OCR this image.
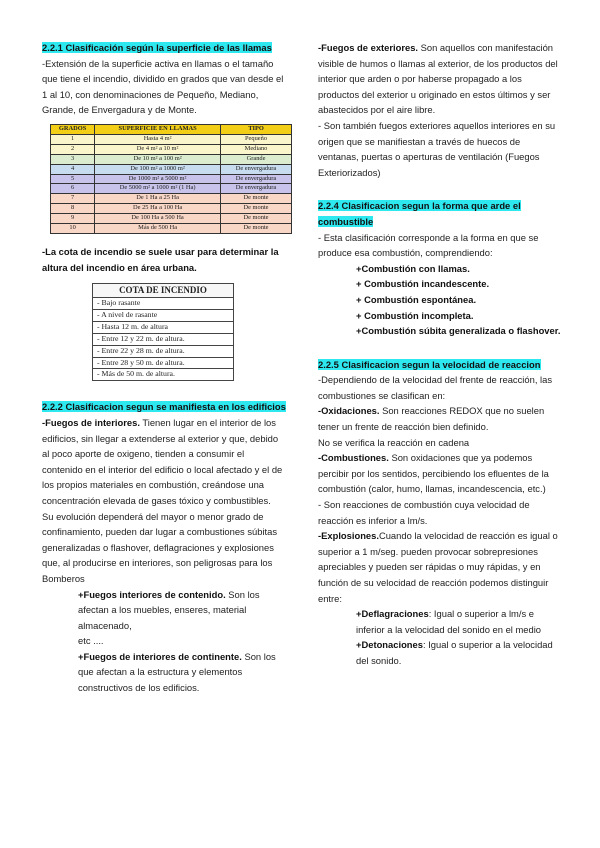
2.2.1 Clasificación según la superficie de las llamas

-Extensión de la superficie activa en llamas o el tamaño que tiene el incendio, dividido en grados que van desde el 1 al 10, con denominaciones de Pequeño, Mediano, Grande, de Envergadura y de Monte.

GRADOS	SUPERFICIE EN LLAMAS	TIPO
1	Hasta 4 m²	Pequeño
2	De 4 m² a 10 m²	Mediano
3	De 10 m² a 100 m²	Grande
4	De 100 m² a 1000 m²	De envergadura
5	De 1000 m² a 5000 m²	De envergadura
6	De 5000 m² a 1000 m² (1 Ha)	De envergadura
7	De 1 Ha a 25 Ha	De monte
8	De 25 Ha a 100 Ha	De monte
9	De 100 Ha a 500 Ha	De monte
10	Más de 500 Ha	De monte

-La cota de incendio se suele usar para determinar la altura del incendio en área urbana.

COTA DE INCENDIO
- Bajo rasante
- A nivel de rasante
- Hasta 12 m. de altura
- Entre 12 y 22 m. de altura.
- Entre 22 y 28 m. de altura.
- Entre 28 y 50 m. de altura.
- Más de 50 m. de altura.

2.2.2 Clasificacion segun se manifiesta en los edificios

-Fuegos de interiores. Tienen lugar en el interior de los edificios, sin llegar a extenderse al exterior y que, debido al poco aporte de oxigeno, tienden a consumir el contenido en el interior del edificio o local afectado y el de los propios materiales en combustión, creándose una concentración elevada de gases tóxico y combustibles.

Su evolución dependerá del mayor o menor grado de confinamiento, pueden dar lugar a combustiones súbitas generalizadas o flashover, deflagraciones y explosiones que, al producirse en interiores, son peligrosas para los Bomberos

+Fuegos interiores de contenido. Son los afectan a los muebles, enseres, material almacenado,

etc ....

+Fuegos de interiores de continente. Son los que afectan a la estructura y elementos constructivos de los edificios.

-Fuegos de exteriores. Son aquellos con manifestación visible de humos o llamas al exterior, de los productos del interior que arden o por haberse propagado a los productos del exterior u originado en estos últimos y ser abastecidos por el aire libre.

- Son también fuegos exteriores aquellos interiores en su origen que se manifiestan a través de huecos de ventanas, puertas o aperturas de ventilación (Fuegos Exteriorizados)

2.2.4 Clasificacion segun la forma que arde el combustible

- Esta clasificación corresponde a la forma en que se produce esa combustión, comprendiendo:

+Combustión con llamas.

+ Combustión incandescente.

+ Combustión espontánea.

+ Combustión incompleta.

+Combustión súbita generalizada o flashover.

2.2.5 Clasificacion segun la velocidad de reaccion

-Dependiendo de la velocidad del frente de reacción, las combustiones se clasifican en:

-Oxidaciones. Son reacciones REDOX que no suelen tener un frente de reacción bien definido.

No se verifica la reacción en cadena

-Combustiones. Son oxidaciones que ya podemos percibir por los sentidos, percibiendo los efluentes de la combustión (calor, humo, llamas, incandescencia, etc.)

- Son reacciones de combustión cuya velocidad de reacción es inferior a lm/s.

-Explosiones.Cuando la velocidad de reacción es igual o superior a 1 m/seg. pueden provocar sobrepresiones

apreciables y pueden ser rápidas o muy rápidas, y en función de su velocidad de reacción podemos distinguir entre:

+Deflagraciones: Igual o superior a lm/s e inferior a la velocidad del sonido en el medio

+Detonaciones: Igual o superior a la velocidad del sonido.
